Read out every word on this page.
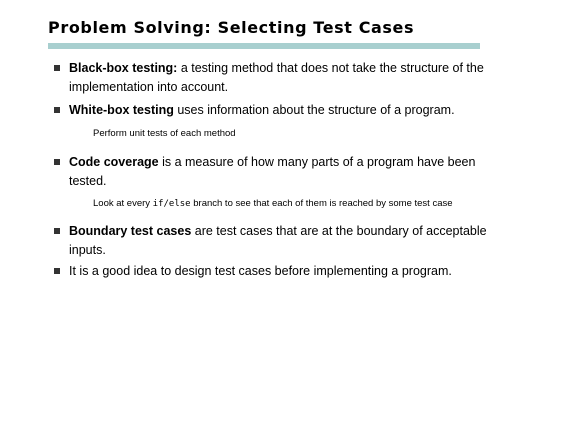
Problem Solving: Selecting Test Cases
Black-box testing: a testing method that does not take the structure of the implementation into account.
White-box testing uses information about the structure of a program.
Perform unit tests of each method
Code coverage is a measure of how many parts of a program have been tested.
Look at every if/else branch to see that each of them is reached by some test case
Boundary test cases are test cases that are at the boundary of acceptable inputs.
It is a good idea to design test cases before implementing a program.
